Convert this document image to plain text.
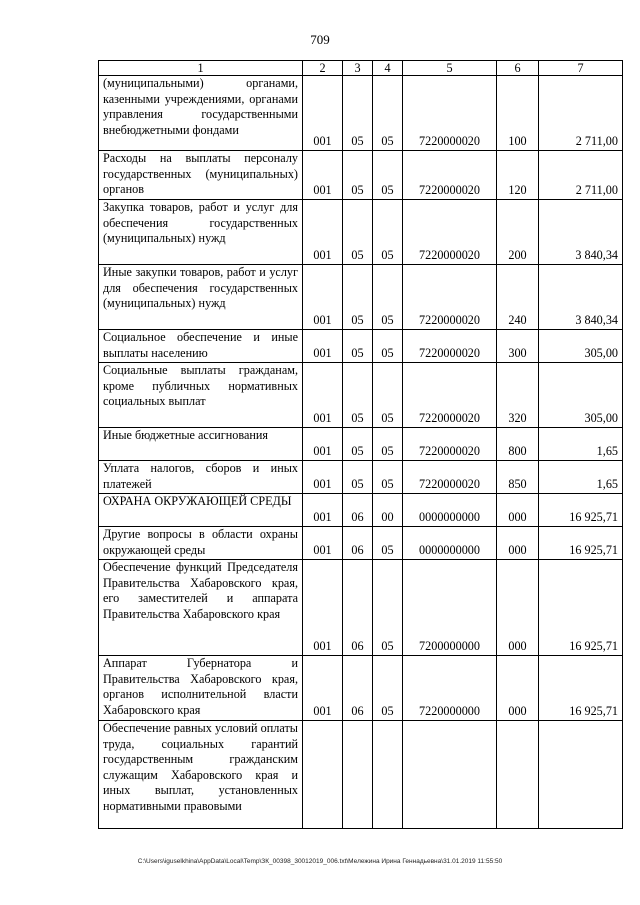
709
1	2	3	4	5	6	7
(муниципальными) органами, казенными учреждениями, органами управления государственными внебюджетными фондами	001	05	05	7220000020	100	2 711,00
Расходы на выплаты персоналу государственных (муниципальных) органов	001	05	05	7220000020	120	2 711,00
Закупка товаров, работ и услуг для обеспечения государственных (муниципальных) нужд	001	05	05	7220000020	200	3 840,34
Иные закупки товаров, работ и услуг для обеспечения государственных (муниципальных) нужд	001	05	05	7220000020	240	3 840,34
Социальное обеспечение и иные выплаты населению	001	05	05	7220000020	300	305,00
Социальные выплаты гражданам, кроме публичных нормативных социальных выплат	001	05	05	7220000020	320	305,00
Иные бюджетные ассигнования	001	05	05	7220000020	800	1,65
Уплата налогов, сборов и иных платежей	001	05	05	7220000020	850	1,65
ОХРАНА ОКРУЖАЮЩЕЙ СРЕДЫ	001	06	00	0000000000	000	16 925,71
Другие вопросы в области охраны окружающей среды	001	06	05	0000000000	000	16 925,71
Обеспечение функций Председателя Правительства Хабаровского края, его заместителей и аппарата Правительства Хабаровского края	001	06	05	7200000000	000	16 925,71
Аппарат Губернатора и Правительства Хабаровского края, органов исполнительной власти Хабаровского края	001	06	05	7220000000	000	16 925,71
Обеспечение равных условий оплаты труда, социальных гарантий государственным гражданским служащим Хабаровского края и иных выплат, установленных нормативными правовыми						
C:\Users\iguselkhina\AppData\Local\Temp\ЗК_00398_30012019_006.txt\Мележина Ирина Геннадьевна\31.01.2019 11:55:50
